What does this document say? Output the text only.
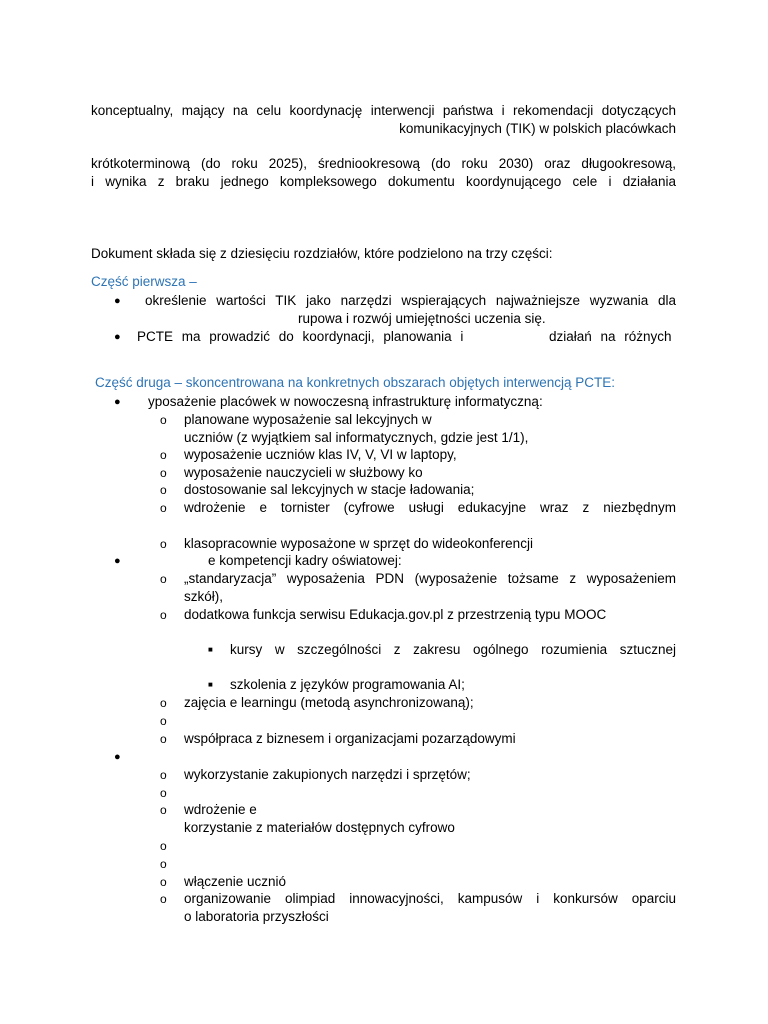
konceptualny, mający na celu koordynację interwencji państwa i rekomendacji dotyczących
komunikacyjnych (TIK) w polskich placówkach
krótkoterminową (do roku 2025), średniookresową (do roku 2030) oraz długookresową,
i wynika z braku jednego kompleksowego dokumentu koordynującego cele i działania
Dokument składa się z dziesięciu rozdziałów, które podzielono na trzy części:
Część pierwsza –
● określenie wartości TIK jako narzędzi wspierających najważniejsze wyzwania dla
rupowa i rozwój umiejętności uczenia się.
● PCTE ma prowadzić do koordynacji, planowania i	działań na różnych
Część druga – skoncentrowana na konkretnych obszarach objętych interwencją PCTE:
● yposażenie placówek w nowoczesną infrastrukturę informatyczną:
o planowane wyposażenie sal lekcyjnych w
uczniów (z wyjątkiem sal informatycznych, gdzie jest 1/1),
o wyposażenie uczniów klas IV, V, VI w laptopy,
o wyposażenie nauczycieli w służbowy ko
o dostosowanie sal lekcyjnych w stacje ładowania;
o wdrożenie e tornister (cyfrowe usługi edukacyjne wraz z niezbędnym
o klasopracownie wyposażone w sprzęt do wideokonferencji
●	e kompetencji kadry oświatowej:
o „standaryzacja” wyposażenia PDN (wyposażenie tożsame z wyposażeniem
szkół),
o dodatkowa funkcja serwisu Edukacja.gov.pl z przestrzenią typu MOOC
■ kursy w szczególności z zakresu ogólnego rozumienia sztucznej
■ szkolenia z języków programowania AI;
o zajęcia e learningu (metodą asynchronizowaną);
o
o współpraca z biznesem i organizacjami pozarządowymi
●
o wykorzystanie zakupionych narzędzi i sprzętów;
o
o wdrożenie e
korzystanie z materiałów dostępnych cyfrowo
o
o
o włączenie ucznió
o organizowanie olimpiad innowacyjności, kampusów i konkursów oparciu
o laboratoria przyszłości
